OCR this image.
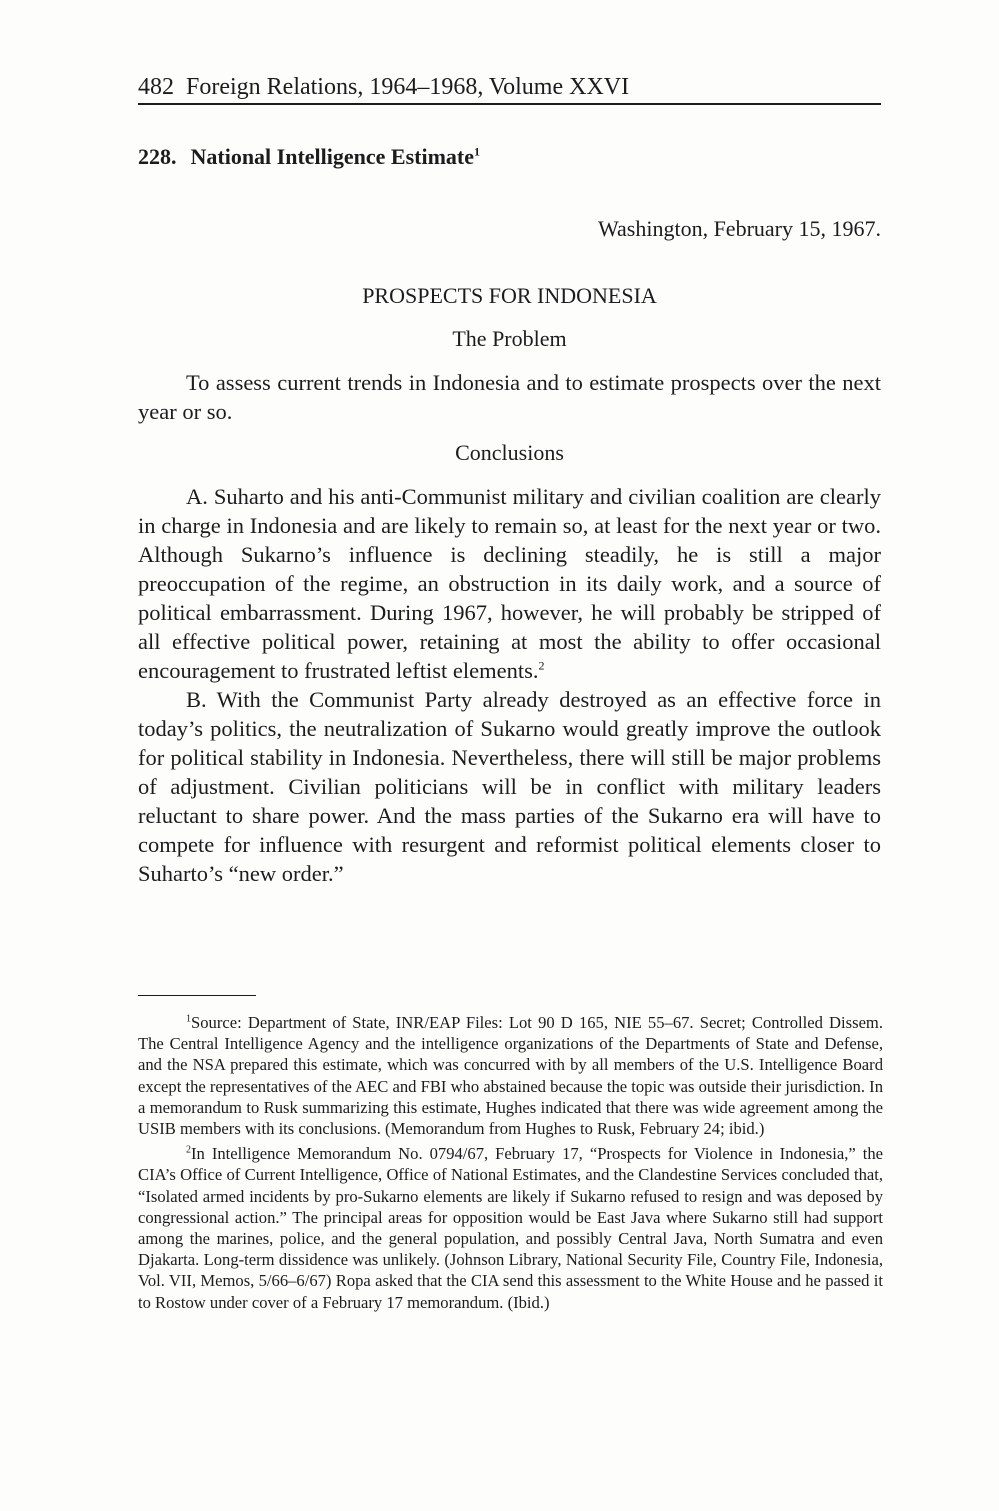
482 Foreign Relations, 1964–1968, Volume XXVI
228. National Intelligence Estimate$^1$
Washington, February 15, 1967.
PROSPECTS FOR INDONESIA
The Problem

To assess current trends in Indonesia and to estimate prospects over the next year or so.

Conclusions

A. Suharto and his anti-Communist military and civilian coalition are clearly in charge in Indonesia and are likely to remain so, at least for the next year or two. Although Sukarno’s influence is declining steadily, he is still a major preoccupation of the regime, an obstruction in its daily work, and a source of political embarrassment. During 1967, however, he will probably be stripped of all effective political power, retaining at most the ability to offer occasional encouragement to frustrated leftist elements.$^2$

B. With the Communist Party already destroyed as an effective force in today’s politics, the neutralization of Sukarno would greatly improve the outlook for political stability in Indonesia. Nevertheless, there will still be major problems of adjustment. Civilian politicians will be in conflict with military leaders reluctant to share power. And the mass parties of the Sukarno era will have to compete for influence with resurgent and reformist political elements closer to Suharto’s “new order.”

$^1$Source: Department of State, INR/EAP Files: Lot 90 D 165, NIE 55–67. Secret; Controlled Dissem. The Central Intelligence Agency and the intelligence organizations of the Departments of State and Defense, and the NSA prepared this estimate, which was concurred with by all members of the U.S. Intelligence Board except the representatives of the AEC and FBI who abstained because the topic was outside their jurisdiction. In a memorandum to Rusk summarizing this estimate, Hughes indicated that there was wide agreement among the USIB members with its conclusions. (Memorandum from Hughes to Rusk, February 24; ibid.)

$^2$In Intelligence Memorandum No. 0794/67, February 17, “Prospects for Violence in Indonesia,” the CIA’s Office of Current Intelligence, Office of National Estimates, and the Clandestine Services concluded that, “Isolated armed incidents by pro-Sukarno elements are likely if Sukarno refused to resign and was deposed by congressional action.” The principal areas for opposition would be East Java where Sukarno still had support among the marines, police, and the general population, and possibly Central Java, North Sumatra and even Djakarta. Long-term dissidence was unlikely. (Johnson Library, National Security File, Country File, Indonesia, Vol. VII, Memos, 5/66–6/67) Ropa asked that the CIA send this assessment to the White House and he passed it to Rostow under cover of a February 17 memorandum. (Ibid.)
